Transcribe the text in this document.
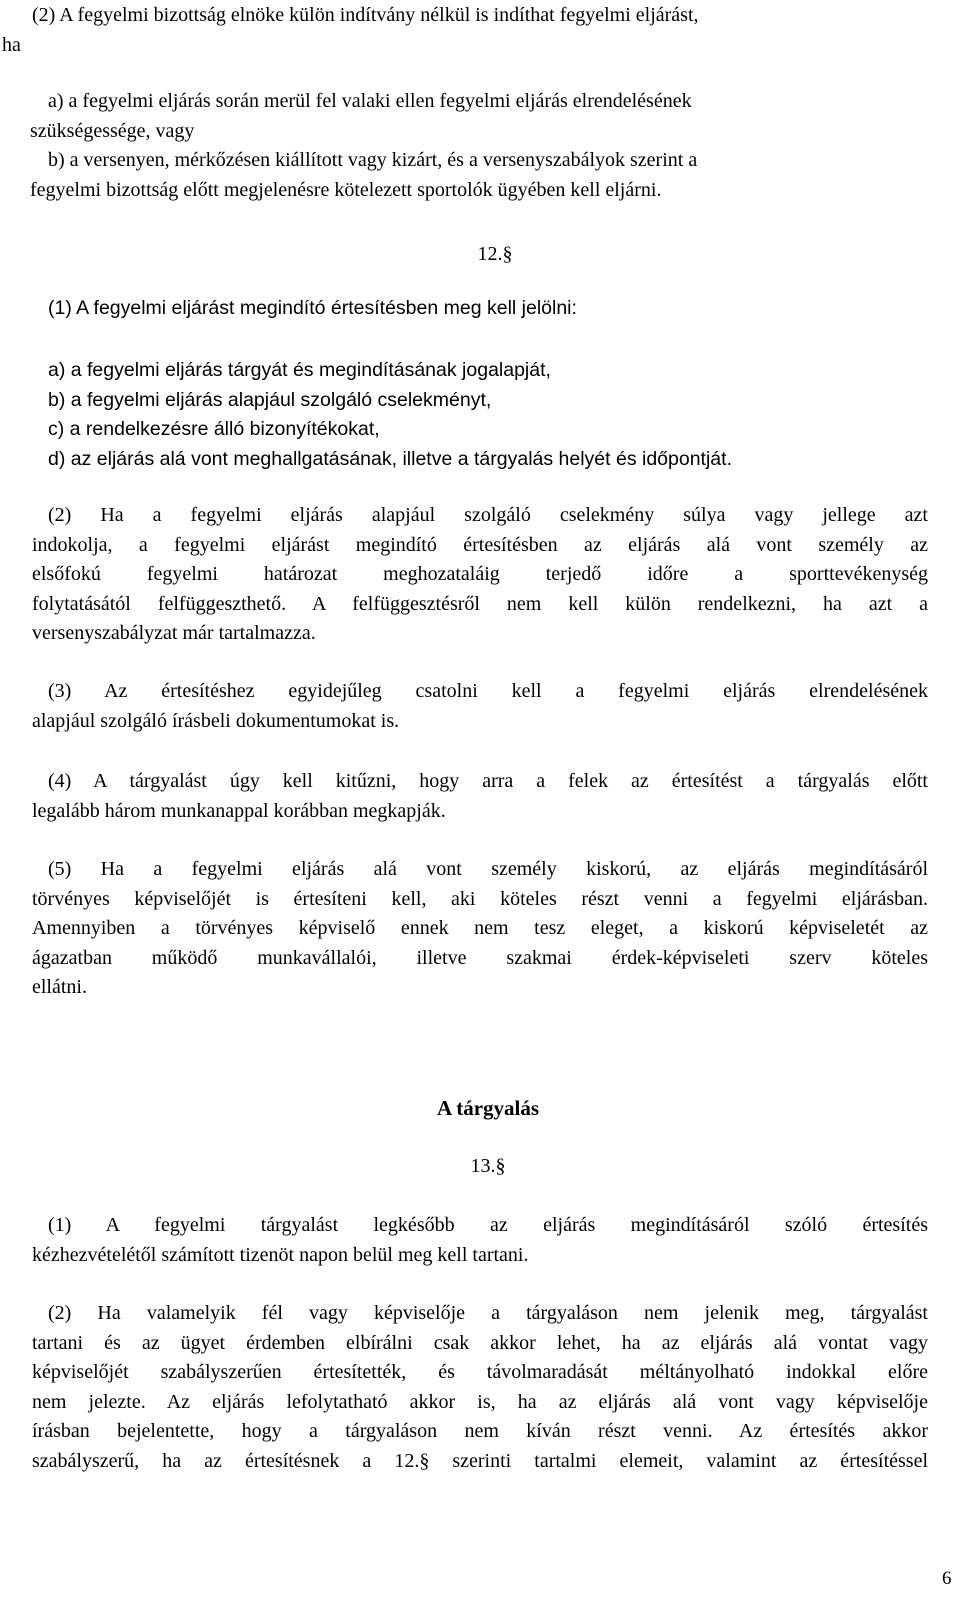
(2) A fegyelmi bizottság elnöke külön indítvány nélkül is indíthat fegyelmi eljárást,
ha
a) a fegyelmi eljárás során merül fel valaki ellen fegyelmi eljárás elrendelésének
szükségessége, vagy
b) a versenyen, mérkőzésen kiállított vagy kizárt, és a versenyszabályok szerint a
fegyelmi bizottság előtt megjelenésre kötelezett sportolók ügyében kell eljárni.
12.§
(1) A fegyelmi eljárást megindító értesítésben meg kell jelölni:
a) a fegyelmi eljárás tárgyát és megindításának jogalapját,
b) a fegyelmi eljárás alapjául szolgáló cselekményt,
c) a rendelkezésre álló bizonyítékokat,
d) az eljárás alá vont meghallgatásának, illetve a tárgyalás helyét és időpontját.
(2) Ha a fegyelmi eljárás alapjául szolgáló cselekmény súlya vagy jellege azt
indokolja, a fegyelmi eljárást megindító értesítésben az eljárás alá vont személy az
elsőfokú fegyelmi határozat meghozataláig terjedő időre a sporttevékenység
folytatásától felfüggeszthető. A felfüggesztésről nem kell külön rendelkezni, ha azt a
versenyszabályzat már tartalmazza.
(3) Az értesítéshez egyidejűleg csatolni kell a fegyelmi eljárás elrendelésének
alapjául szolgáló írásbeli dokumentumokat is.
(4) A tárgyalást úgy kell kitűzni, hogy arra a felek az értesítést a tárgyalás előtt
legalább három munkanappal korábban megkapják.
(5) Ha a fegyelmi eljárás alá vont személy kiskorú, az eljárás megindításáról
törvényes képviselőjét is értesíteni kell, aki köteles részt venni a fegyelmi eljárásban.
Amennyiben a törvényes képviselő ennek nem tesz eleget, a kiskorú képviseletét az
ágazatban működő munkavállalói, illetve szakmai érdek-képviseleti szerv köteles
ellátni.
A tárgyalás
13.§
(1) A fegyelmi tárgyalást legkésőbb az eljárás megindításáról szóló értesítés
kézhezvételétől számított tizenöt napon belül meg kell tartani.
(2) Ha valamelyik fél vagy képviselője a tárgyaláson nem jelenik meg, tárgyalást
tartani és az ügyet érdemben elbírálni csak akkor lehet, ha az eljárás alá vontat vagy
képviselőjét szabályszerűen értesítették, és távolmaradását méltányolható indokkal előre
nem jelezte. Az eljárás lefolytatható akkor is, ha az eljárás alá vont vagy képviselője
írásban bejelentette, hogy a tárgyaláson nem kíván részt venni. Az értesítés akkor
szabályszerű, ha az értesítésnek a 12.§ szerinti tartalmi elemeit, valamint az értesítéssel
6
